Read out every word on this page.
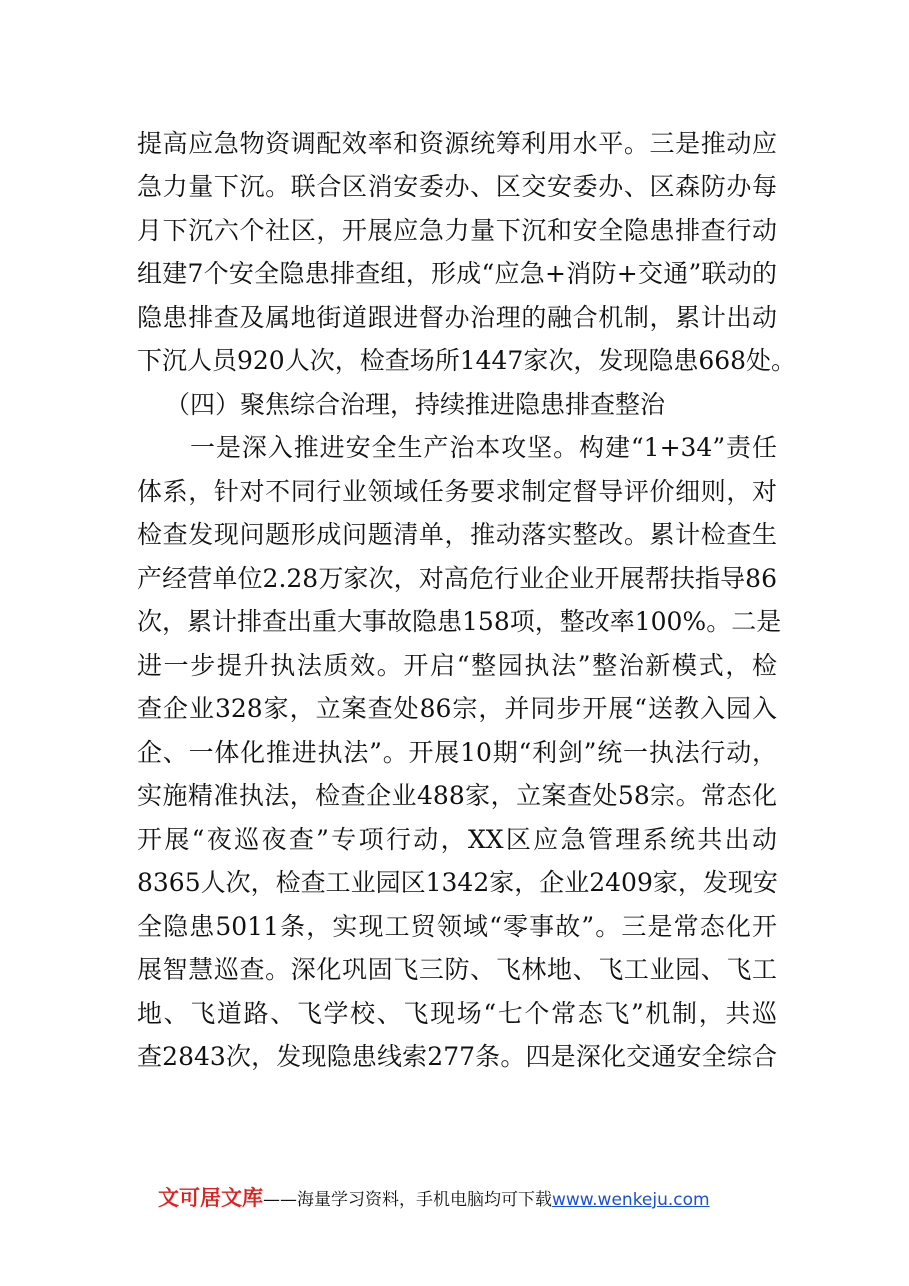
提高应急物资调配效率和资源统筹利用水平。三是推动应
急力量下沉。联合区消安委办、区交安委办、区森防办每
月下沉六个社区，开展应急力量下沉和安全隐患排查行动
组建7个安全隐患排查组，形成“应急+消防+交通”联动的
隐患排查及属地街道跟进督办治理的融合机制，累计出动
下沉人员920人次，检查场所1447家次，发现隐患668处。
（四）聚焦综合治理，持续推进隐患排查整治
一是深入推进安全生产治本攻坚。构建“1+34”责任
体系，针对不同行业领域任务要求制定督导评价细则，对
检查发现问题形成问题清单，推动落实整改。累计检查生
产经营单位2.28万家次，对高危行业企业开展帮扶指导86
次，累计排查出重大事故隐患158项，整改率100%。二是
进一步提升执法质效。开启“整园执法”整治新模式，检
查企业328家，立案查处86宗，并同步开展“送教入园入
企、一体化推进执法”。开展10期“利剑”统一执法行动，
实施精准执法，检查企业488家，立案查处58宗。常态化
开展“夜巡夜查”专项行动，XX区应急管理系统共出动
8365人次，检查工业园区1342家，企业2409家，发现安
全隐患5011条，实现工贸领域“零事故”。三是常态化开
展智慧巡查。深化巩固飞三防、飞林地、飞工业园、飞工
地、飞道路、飞学校、飞现场“七个常态飞”机制，共巡
查2843次，发现隐患线索277条。四是深化交通安全综合
文可居文库——海量学习资料，手机电脑均可下载www.wenkeju.com
